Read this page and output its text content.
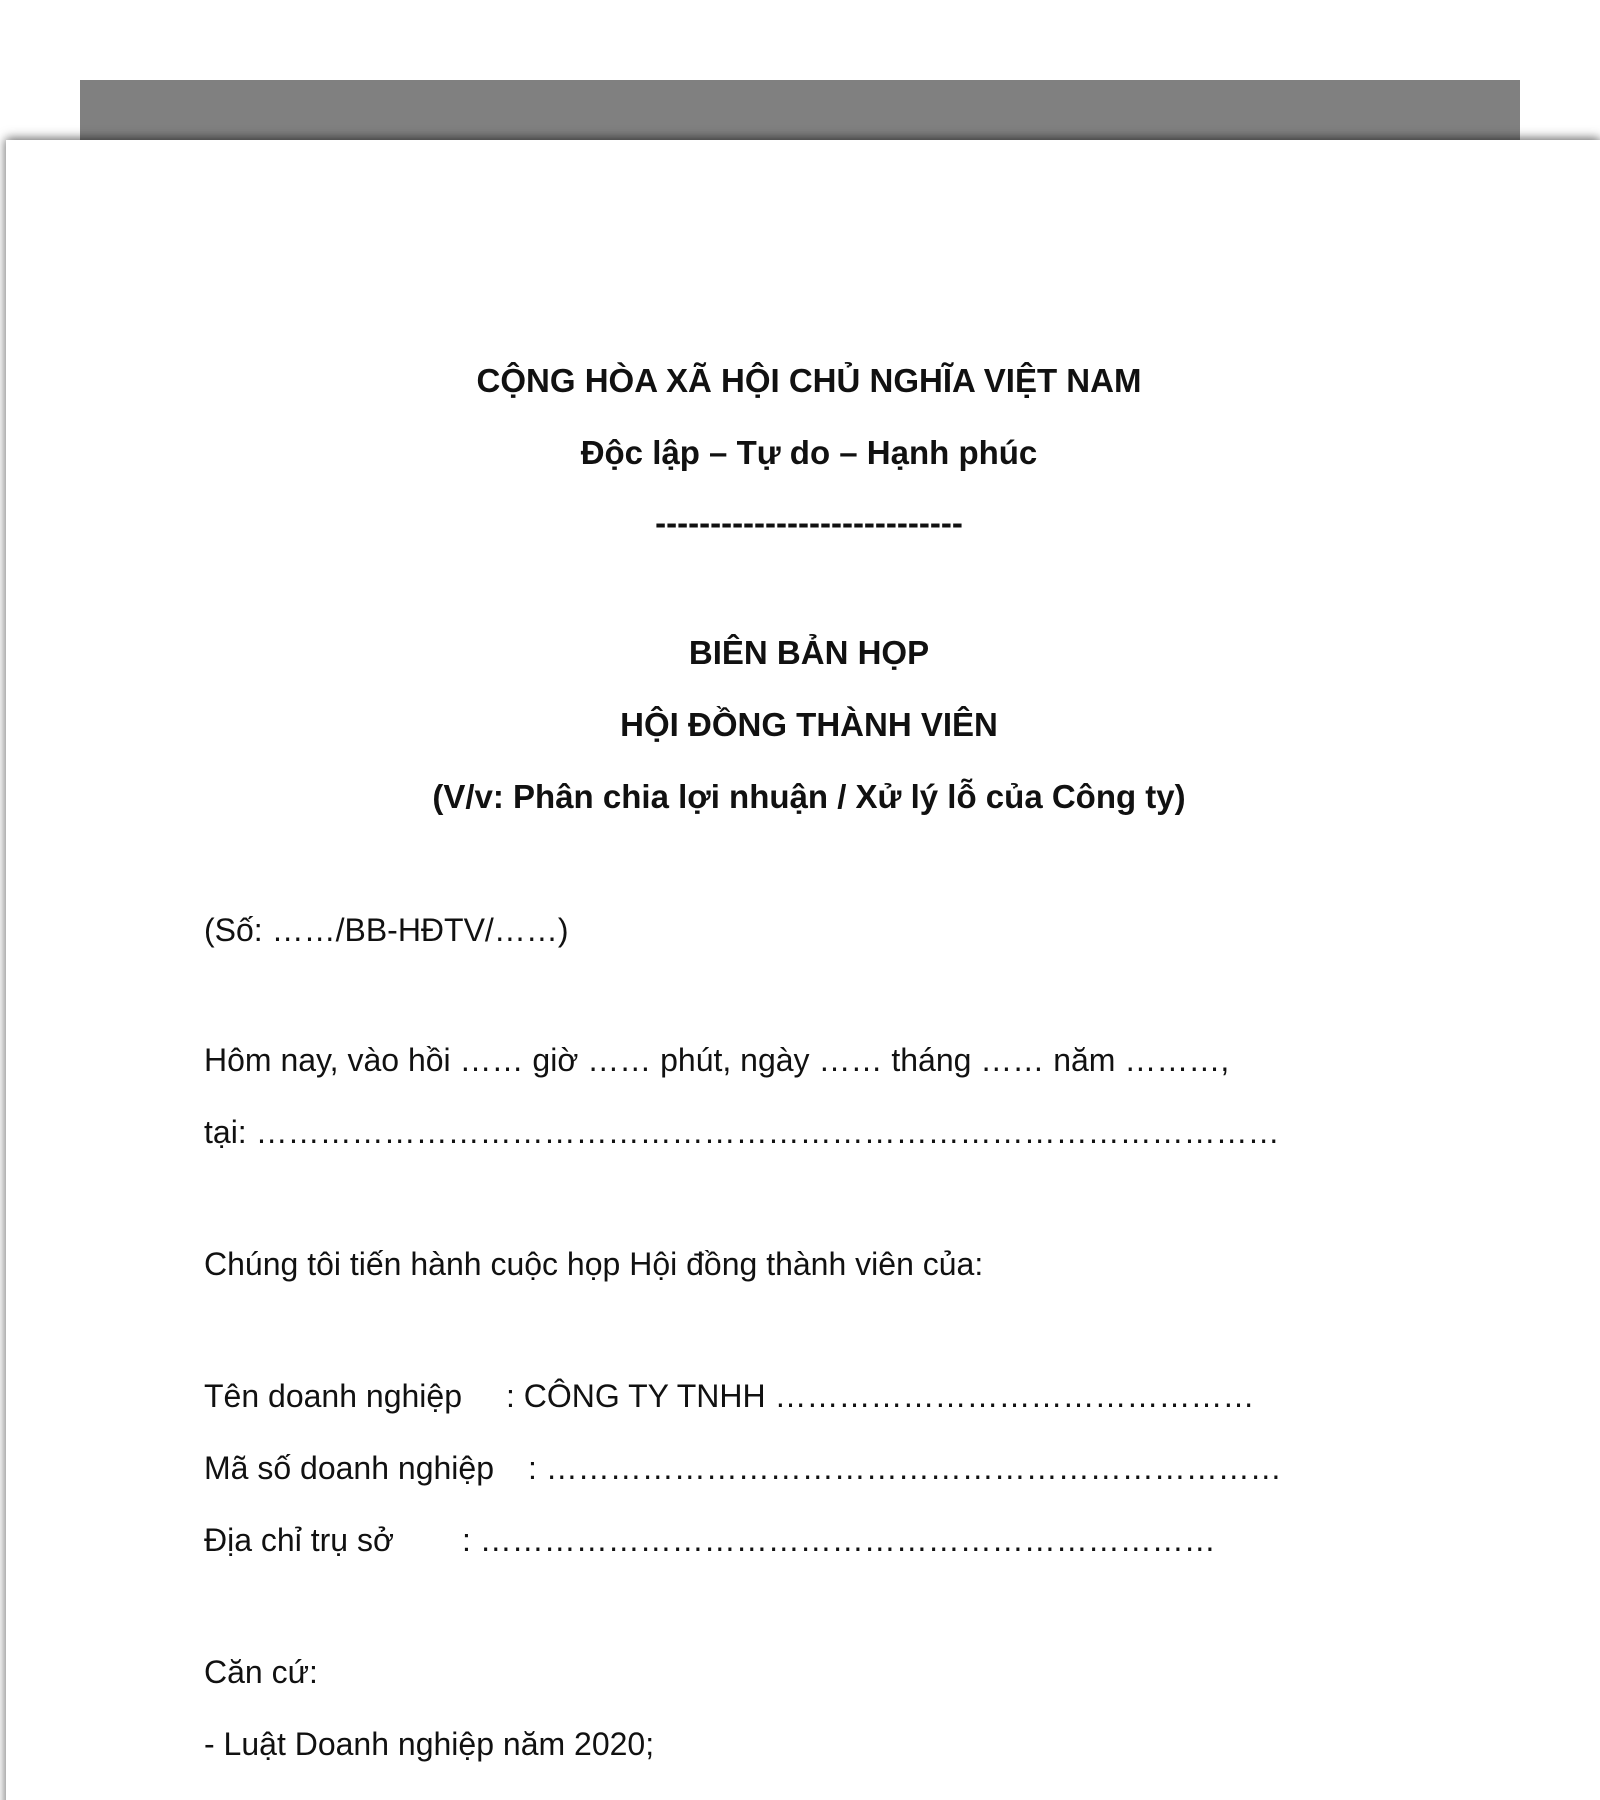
CỘNG HÒA XÃ HỘI CHỦ NGHĨA VIỆT NAM
Độc lập – Tự do – Hạnh phúc
----------------------------
BIÊN BẢN HỌP
HỘI ĐỒNG THÀNH VIÊN
(V/v: Phân chia lợi nhuận / Xử lý lỗ của Công ty)
(Số: ……/BB-HĐTV/……)
Hôm nay, vào hồi …… giờ …… phút, ngày …… tháng …… năm ………,
tại: ……………………………………………………………………………………
Chúng tôi tiến hành cuộc họp Hội đồng thành viên của:
Tên doanh nghiệp : CÔNG TY TNHH ………………………………………
Mã số doanh nghiệp : ……………………………………………………………
Địa chỉ trụ sở : ……………………………………………………………
Căn cứ:
- Luật Doanh nghiệp năm 2020;
